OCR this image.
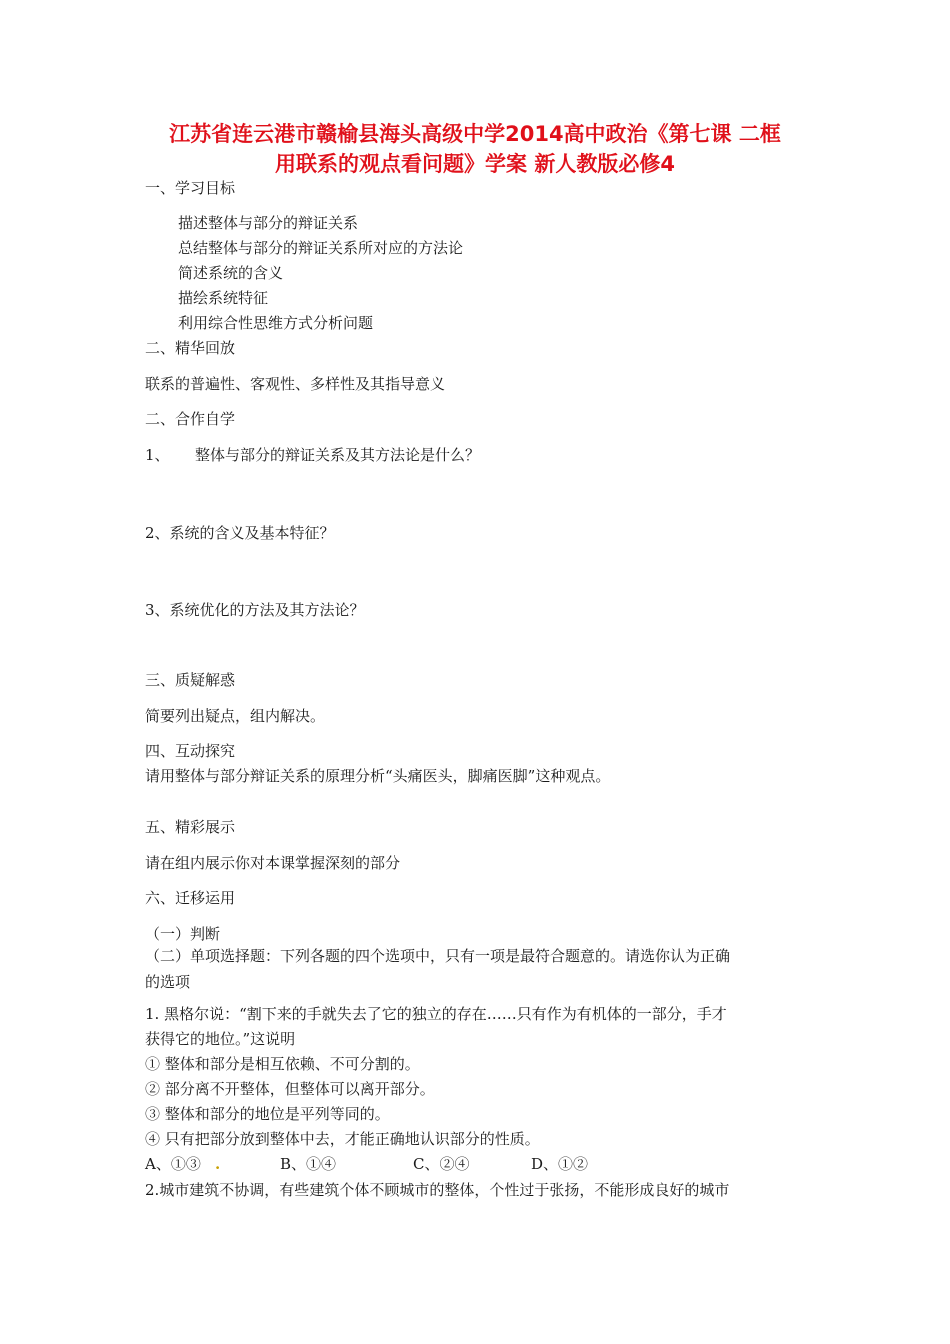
江苏省连云港市赣榆县海头高级中学2014高中政治《第七课 二框
用联系的观点看问题》学案 新人教版必修4
一、学习目标
描述整体与部分的辩证关系
总结整体与部分的辩证关系所对应的方法论
简述系统的含义
描绘系统特征
利用综合性思维方式分析问题
二、精华回放
联系的普遍性、客观性、多样性及其指导意义
二、合作自学
1、 整体与部分的辩证关系及其方法论是什么？
2、系统的含义及基本特征？
3、系统优化的方法及其方法论？
三、质疑解惑
简要列出疑点，组内解决。
四、互动探究
请用整体与部分辩证关系的原理分析“头痛医头，脚痛医脚”这种观点。
五、精彩展示
请在组内展示你对本课掌握深刻的部分
六、迁移运用
（一）判断
（二）单项选择题：下列各题的四个选项中，只有一项是最符合题意的。请选你认为正确
的选项
1. 黑格尔说：“割下来的手就失去了它的独立的存在……只有作为有机体的一部分，手才
获得它的地位。”这说明
① 整体和部分是相互依赖、不可分割的。
② 部分离不开整体，但整体可以离开部分。
③ 整体和部分的地位是平列等同的。
④ 只有把部分放到整体中去，才能正确地认识部分的性质。
A、①③ .	B、①④	C、②④	D、①②
2.城市建筑不协调，有些建筑个体不顾城市的整体，个性过于张扬，不能形成良好的城市
